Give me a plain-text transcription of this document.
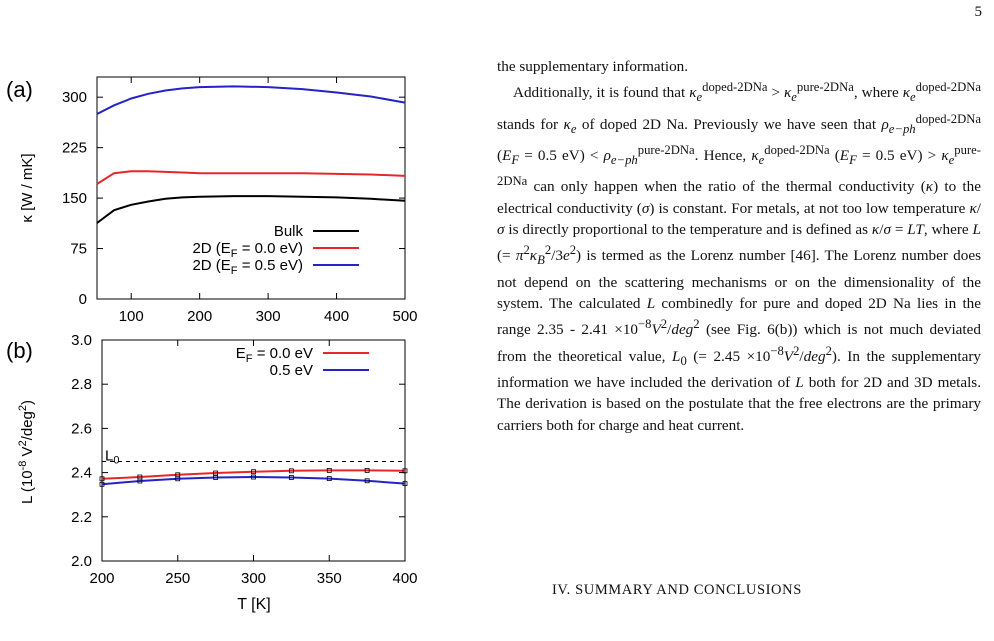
5
(a)
(b)
0
75
150
225
300
100	200	300	400	500
Bulk
2D ($E_F = 0.0$ eV)
2D ($E_F = 0.5$ eV)
κ [W / mK]
2.0
2.2
2.4
2.6
2.8
3.0
200	250	300	350	400
$L_0$
$E_F = 0.0$ eV
0.5 eV
L ($10^{-8}$ $V^2/deg^2$)
T [K]

the supplementary information.

Additionally, it is found that $\kappa_e^{doped-2DNa} > \kappa_e^{pure-2DNa}$, where $\kappa_e^{doped-2DNa}$ stands for $\kappa_e$ of doped 2D Na. Previously we have seen that $\rho_{e-ph}^{doped-2DNa}$ ($E_F = 0.5$ $eV) < \rho_{e-ph}^{pure-2DNa}$. Hence, $\kappa_e^{doped-2DNa}$ ($E_F = 0.5$ $eV) > \kappa_e^{pure-2DNa}$ can only happen when the ratio of the thermal conductivity (κ) to the electrical conductivity (σ) is constant. For metals, at not too low temperature κ/σ is directly proportional to the temperature and is defined as κ/σ = LT, where L (= $\pi^2\kappa_B^2/3e^2$) is termed as the Lorenz number [46]. The Lorenz number does not depend on the scattering mechanisms or on the dimensionality of the system. The calculated L combinedly for pure and doped 2D Na lies in the range $2.35 - 2.41 \times 10^{-8}V^2/deg^2$ (see Fig. 6(b)) which is not much deviated from the theoretical value, $L_0$ (= $2.45 \times 10^{-8}V^2/deg^2$). In the supplementary information we have included the derivation of L both for 2D and 3D metals. The derivation is based on the postulate that the free electrons are the primary carriers both for charge and heat current.

IV. SUMMARY AND CONCLUSIONS
